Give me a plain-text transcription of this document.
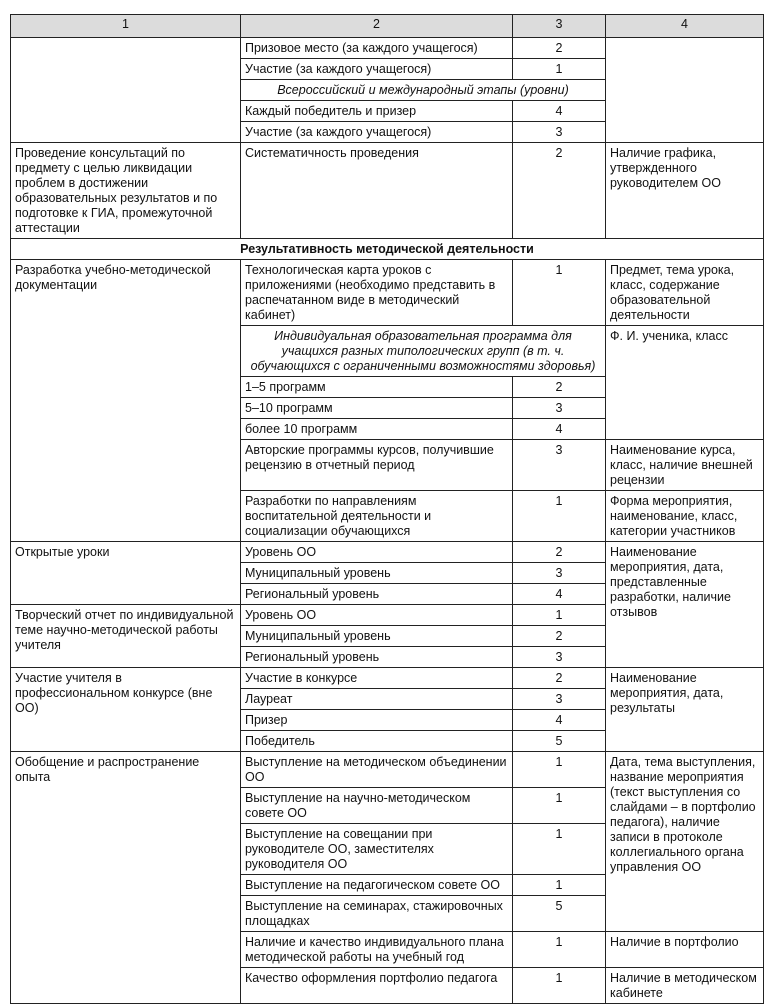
1	2	3	4
	Призовое место (за каждого учащегося)	2	
	Участие (за каждого учащегося)	1	
	Всероссийский и международный этапы (уровни)		
	Каждый победитель и призер	4	
	Участие (за каждого учащегося)	3	
Проведение консультаций по предмету с целью ликвидации проблем в достижении образовательных результатов и по подготовке к ГИА, промежуточной аттестации	Систематичность проведения	2	Наличие графика, утвержденного руководителем ОО
Результативность методической деятельности			
Разработка учебно-методической документации	Технологическая карта уроков с приложениями (необходимо представить в распечатанном виде в методический кабинет)	1	Предмет, тема урока, класс, содержание образовательной деятельности
	Индивидуальная образовательная программа для учащихся разных типологических групп (в т. ч. обучающихся с ограниченными возможностями здоровья)		Ф. И. ученика, класс
	1–5 программ	2	
	5–10 программ	3	
	более 10 программ	4	
	Авторские программы курсов, получившие рецензию в отчетный период	3	Наименование курса, класс, наличие внешней рецензии
	Разработки по направлениям воспитательной деятельности и социализации обучающихся	1	Форма мероприятия, наименование, класс, категории участников
Открытые уроки	Уровень ОО	2	Наименование мероприятия, дата, представленные разработки, наличие отзывов
	Муниципальный уровень	3	
	Региональный уровень	4	
Творческий отчет по индивидуальной теме научно-методической работы учителя	Уровень ОО	1	
	Муниципальный уровень	2	
	Региональный уровень	3	
Участие учителя в профессиональном конкурсе (вне ОО)	Участие в конкурсе	2	Наименование мероприятия, дата, результаты
	Лауреат	3	
	Призер	4	
	Победитель	5	
Обобщение и распространение опыта	Выступление на методическом объединении ОО	1	Дата, тема выступления, название мероприятия (текст выступления со слайдами – в портфолио педагога), наличие записи в протоколе коллегиального органа управления ОО
	Выступление на научно-методическом совете ОО	1	
	Выступление на совещании при руководителе ОО, заместителях руководителя ОО	1	
	Выступление на педагогическом совете ОО	1	
	Выступление на семинарах, стажировочных площадках	5	
	Наличие и качество индивидуального плана методической работы на учебный год	1	Наличие в портфолио
	Качество оформления портфолио педагога	1	Наличие в методическом кабинете
